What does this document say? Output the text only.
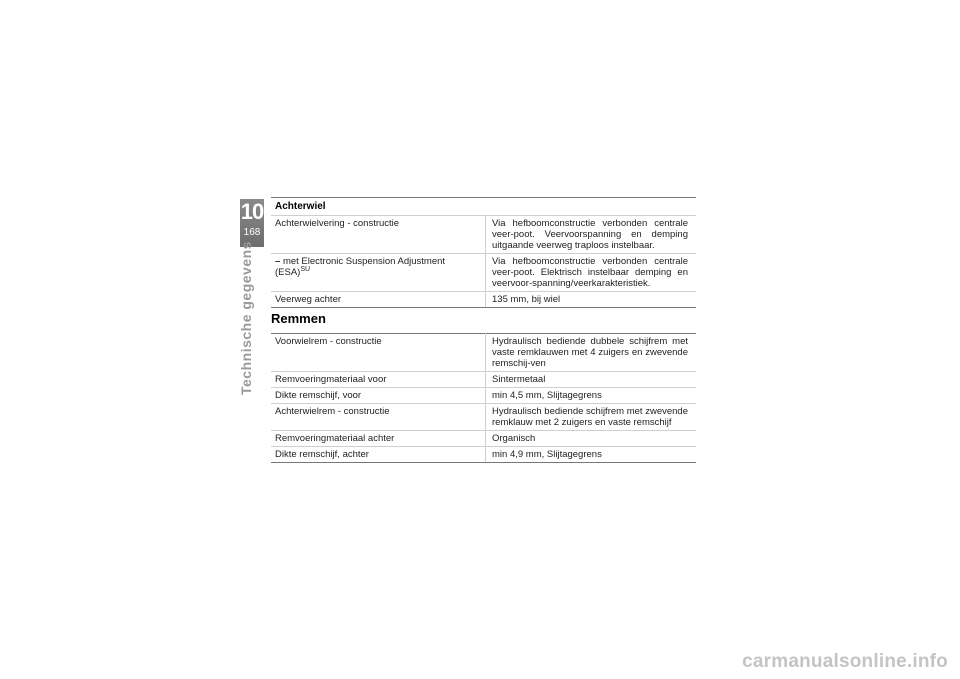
10
168
Technische gegevens
Achterwiel
Achterwielvering - constructie	Via hefboomconstructie verbonden centrale veer-poot. Veervoorspanning en demping uitgaande veerweg traploos instelbaar.
– met Electronic Suspension Adjustment (ESA)$^{SU}$	Via hefboomconstructie verbonden centrale veer-poot. Elektrisch instelbaar demping en veervoor-spanning/veerkarakteristiek.
Veerweg achter	135 mm, bij wiel
Remmen
Voorwielrem - constructie	Hydraulisch bediende dubbele schijfrem met vaste remklauwen met 4 zuigers en zwevende remschij-ven
Remvoeringmateriaal voor	Sintermetaal
Dikte remschijf, voor	min 4,5 mm, Slijtagegrens
Achterwielrem - constructie	Hydraulisch bediende schijfrem met zwevende remklauw met 2 zuigers en vaste remschijf
Remvoeringmateriaal achter	Organisch
Dikte remschijf, achter	min 4,9 mm, Slijtagegrens
carmanualsonline.info
